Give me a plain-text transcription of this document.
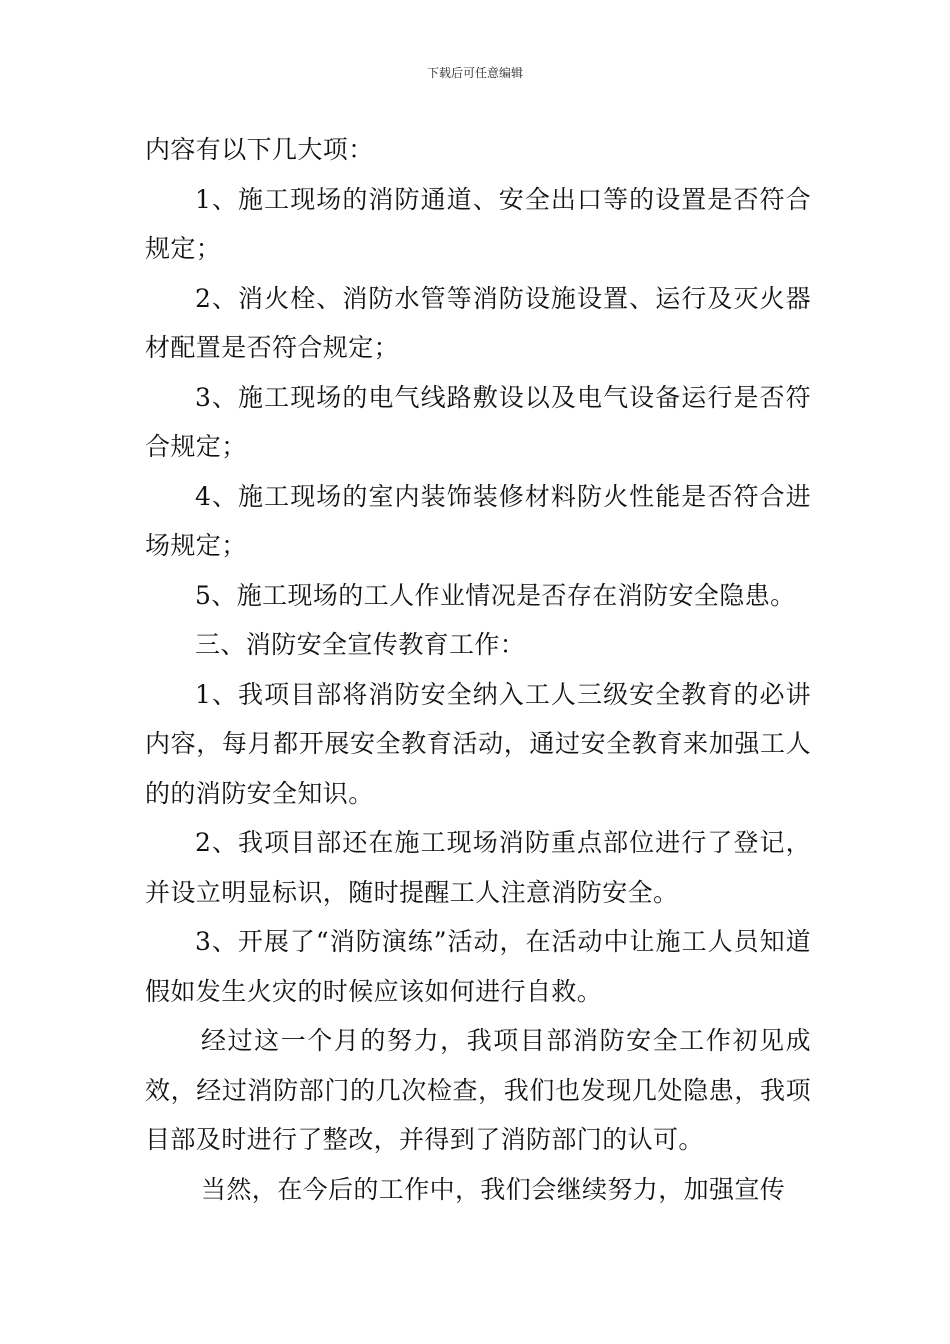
下载后可任意编辑

内容有以下几大项：

1、施工现场的消防通道、安全出口等的设置是否符合规定；

2、消火栓、消防水管等消防设施设置、运行及灭火器材配置是否符合规定；

3、施工现场的电气线路敷设以及电气设备运行是否符合规定；

4、施工现场的室内装饰装修材料防火性能是否符合进场规定；

5、施工现场的工人作业情况是否存在消防安全隐患。

三、消防安全宣传教育工作：

1、我项目部将消防安全纳入工人三级安全教育的必讲内容，每月都开展安全教育活动，通过安全教育来加强工人的的消防安全知识。

2、我项目部还在施工现场消防重点部位进行了登记，并设立明显标识，随时提醒工人注意消防安全。

3、开展了“消防演练”活动，在活动中让施工人员知道假如发生火灾的时候应该如何进行自救。

经过这一个月的努力，我项目部消防安全工作初见成效，经过消防部门的几次检查，我们也发现几处隐患，我项目部及时进行了整改，并得到了消防部门的认可。

当然，在今后的工作中，我们会继续努力，加强宣传
